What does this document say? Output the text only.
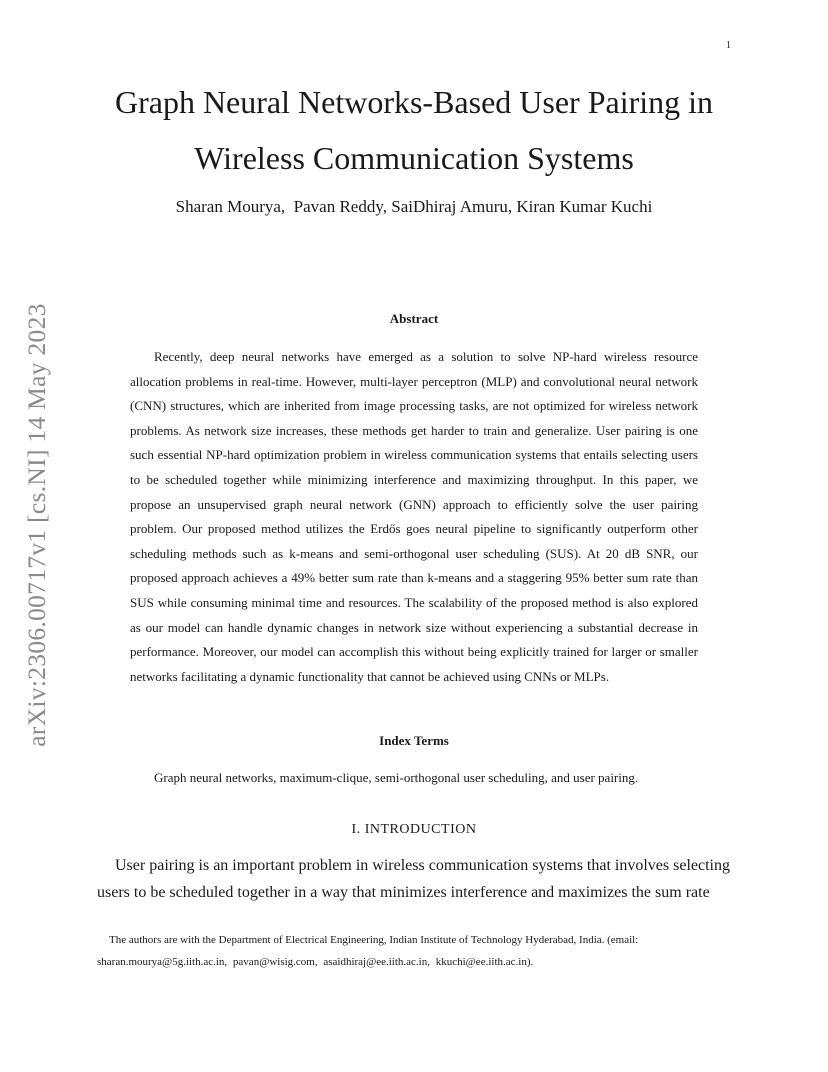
1
arXiv:2306.00717v1 [cs.NI] 14 May 2023
Graph Neural Networks-Based User Pairing in
Wireless Communication Systems
Sharan Mourya,  Pavan Reddy, SaiDhiraj Amuru, Kiran Kumar Kuchi
Abstract

Recently, deep neural networks have emerged as a solution to solve NP-hard wireless resource allocation problems in real-time. However, multi-layer perceptron (MLP) and convolutional neural network (CNN) structures, which are inherited from image processing tasks, are not optimized for wireless network problems. As network size increases, these methods get harder to train and generalize. User pairing is one such essential NP-hard optimization problem in wireless communication systems that entails selecting users to be scheduled together while minimizing interference and maximizing throughput. In this paper, we propose an unsupervised graph neural network (GNN) approach to efficiently solve the user pairing problem. Our proposed method utilizes the Erdős goes neural pipeline to significantly outperform other scheduling methods such as k-means and semi-orthogonal user scheduling (SUS). At 20 dB SNR, our proposed approach achieves a 49% better sum rate than k-means and a staggering 95% better sum rate than SUS while consuming minimal time and resources. The scalability of the proposed method is also explored as our model can handle dynamic changes in network size without experiencing a substantial decrease in performance. Moreover, our model can accomplish this without being explicitly trained for larger or smaller networks facilitating a dynamic functionality that cannot be achieved using CNNs or MLPs.

Index Terms

Graph neural networks, maximum-clique, semi-orthogonal user scheduling, and user pairing.

I. INTRODUCTION

User pairing is an important problem in wireless communication systems that involves selecting users to be scheduled together in a way that minimizes interference and maximizes the sum rate

The authors are with the Department of Electrical Engineering, Indian Institute of Technology Hyderabad, India. (email:
sharan.mourya@5g.iith.ac.in, pavan@wisig.com, asaidhiraj@ee.iith.ac.in, kkuchi@ee.iith.ac.in).
